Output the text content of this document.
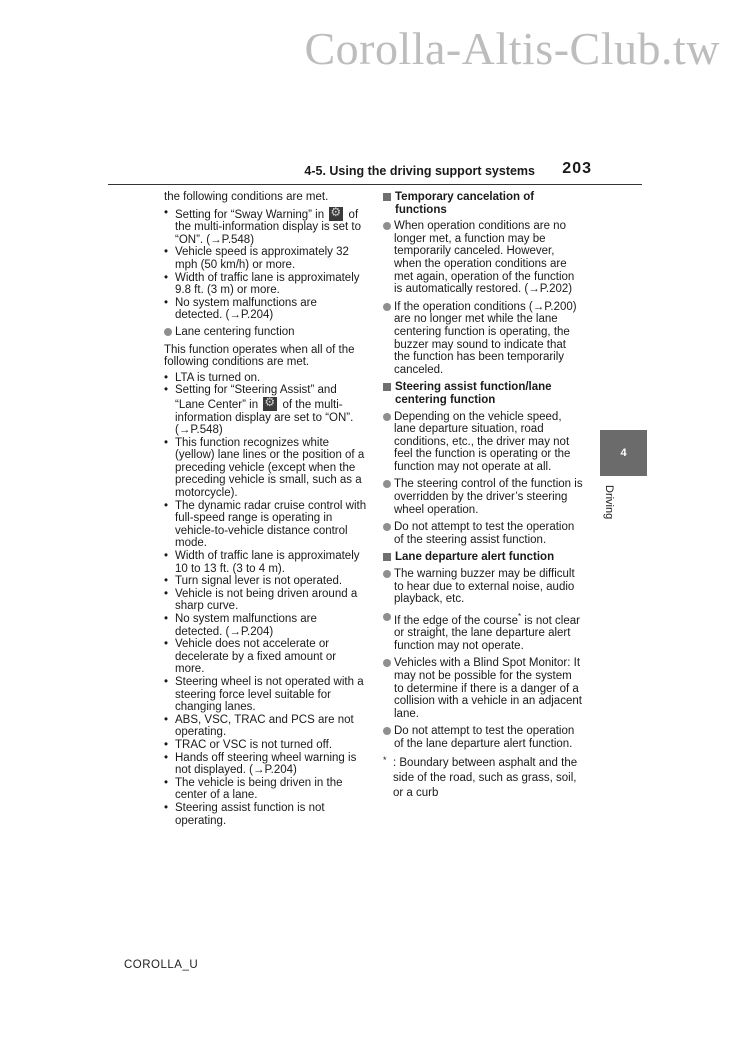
Corolla-Altis-Club.tw
4-5. Using the driving support systems 203

the following conditions are met.

• Setting for “Sway Warning” in ⚙ of the multi-information display is set to “ON”. (→P.548)
• Vehicle speed is approximately 32 mph (50 km/h) or more.
• Width of traffic lane is approximately 9.8 ft. (3 m) or more.
• No system malfunctions are detected. (→P.204)

Lane centering function

This function operates when all of the following conditions are met.

• LTA is turned on.
• Setting for “Steering Assist” and “Lane Center” in ⚙ of the multi-information display are set to “ON”. (→P.548)
• This function recognizes white (yellow) lane lines or the position of a preceding vehicle (except when the preceding vehicle is small, such as a motorcycle).
• The dynamic radar cruise control with full-speed range is operating in vehicle-to-vehicle distance control mode.
• Width of traffic lane is approximately 10 to 13 ft. (3 to 4 m).
• Turn signal lever is not operated.
• Vehicle is not being driven around a sharp curve.
• No system malfunctions are detected. (→P.204)
• Vehicle does not accelerate or decelerate by a fixed amount or more.
• Steering wheel is not operated with a steering force level suitable for changing lanes.
• ABS, VSC, TRAC and PCS are not operating.
• TRAC or VSC is not turned off.
• Hands off steering wheel warning is not displayed. (→P.204)
• The vehicle is being driven in the center of a lane.
• Steering assist function is not operating.

Temporary cancelation of functions

When operation conditions are no longer met, a function may be temporarily canceled. However, when the operation conditions are met again, operation of the function is automatically restored. (→P.202)

If the operation conditions (→P.200) are no longer met while the lane centering function is operating, the buzzer may sound to indicate that the function has been temporarily canceled.

Steering assist function/lane centering function

Depending on the vehicle speed, lane departure situation, road conditions, etc., the driver may not feel the function is operating or the function may not operate at all.

The steering control of the function is overridden by the driver’s steering wheel operation.

Do not attempt to test the operation of the steering assist function.

Lane departure alert function

The warning buzzer may be difficult to hear due to external noise, audio playback, etc.

If the edge of the course* is not clear or straight, the lane departure alert function may not operate.

Vehicles with a Blind Spot Monitor: It may not be possible for the system to determine if there is a danger of a collision with a vehicle in an adjacent lane.

Do not attempt to test the operation of the lane departure alert function.

* : Boundary between asphalt and the side of the road, such as grass, soil, or a curb
4
Driving
COROLLA_U
